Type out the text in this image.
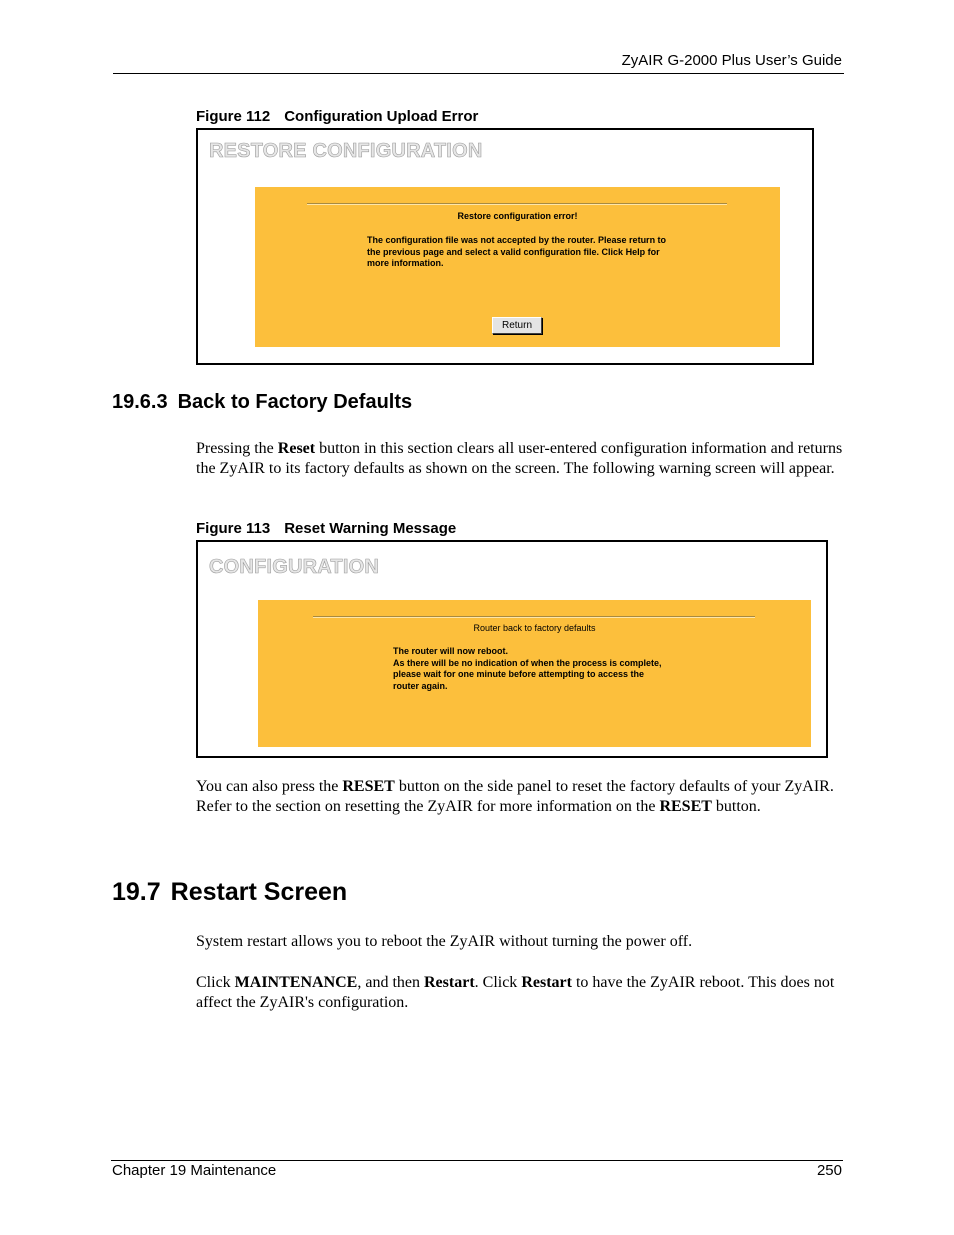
ZyAIR G-2000 Plus User’s Guide
Figure 112 Configuration Upload Error
RESTORE CONFIGURATION
Restore configuration error!
The configuration file was not accepted by the router. Please return to
the previous page and select a valid configuration file. Click Help for
more information.
Return
19.6.3 Back to Factory Defaults
Pressing the Reset button in this section clears all user-entered configuration information and returns the ZyAIR to its factory defaults as shown on the screen. The following warning screen will appear.
Figure 113 Reset Warning Message
CONFIGURATION
Router back to factory defaults
The router will now reboot.
As there will be no indication of when the process is complete,
please wait for one minute before attempting to access the
router again.
You can also press the RESET button on the side panel to reset the factory defaults of your ZyAIR. Refer to the section on resetting the ZyAIR for more information on the RESET button.
19.7 Restart Screen
System restart allows you to reboot the ZyAIR without turning the power off.
Click MAINTENANCE, and then Restart. Click Restart to have the ZyAIR reboot. This does not affect the ZyAIR's configuration.
Chapter 19 Maintenance	250
